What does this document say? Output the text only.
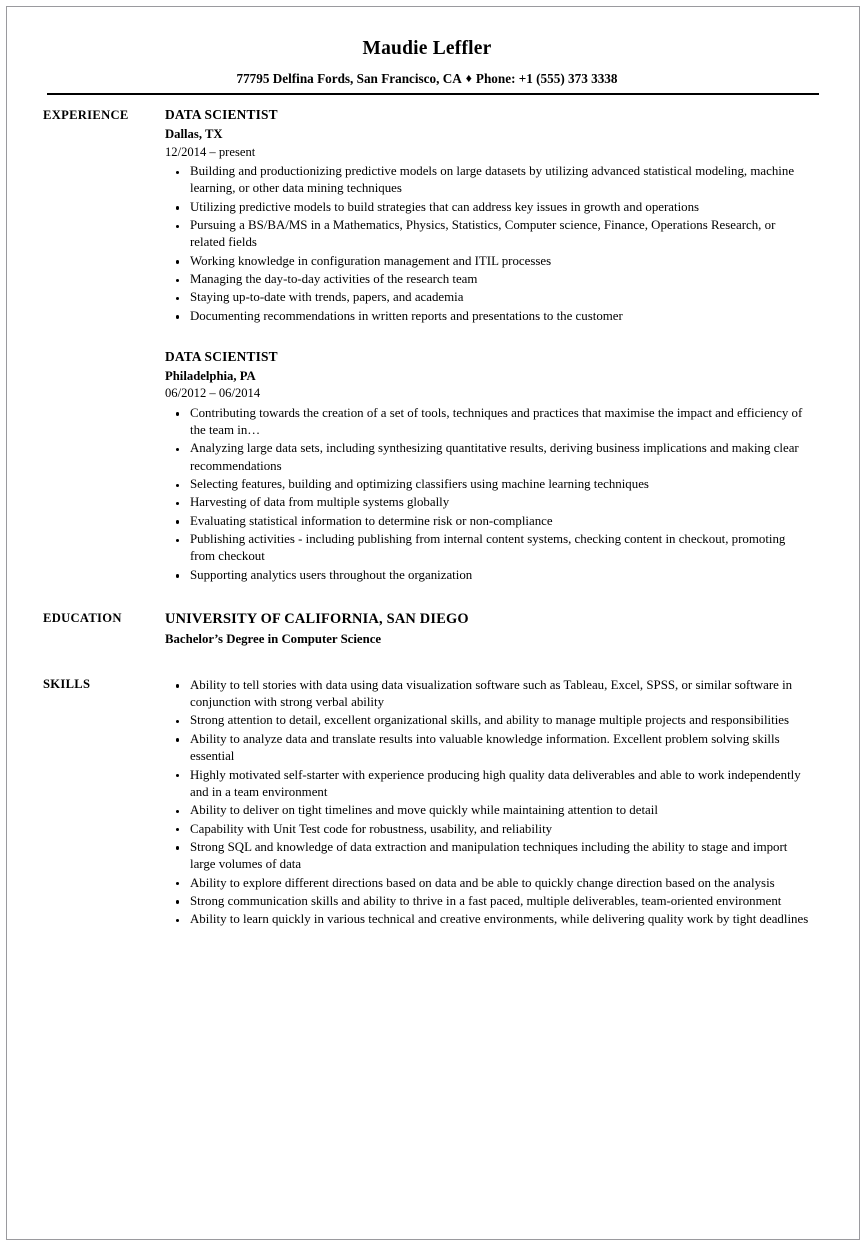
Maudie Leffler
77795 Delfina Fords, San Francisco, CA ♦ Phone: +1 (555) 373 3338
EXPERIENCE	DATA SCIENTIST
Dallas, TX
12/2014 – present
Building and productionizing predictive models on large datasets by utilizing advanced statistical modeling, machine learning, or other data mining techniques
Utilizing predictive models to build strategies that can address key issues in growth and operations
Pursuing a BS/BA/MS in a Mathematics, Physics, Statistics, Computer science, Finance, Operations Research, or related fields
Working knowledge in configuration management and ITIL processes
Managing the day-to-day activities of the research team
Staying up-to-date with trends, papers, and academia
Documenting recommendations in written reports and presentations to the customer
DATA SCIENTIST
Philadelphia, PA
06/2012 – 06/2014
Contributing towards the creation of a set of tools, techniques and practices that maximise the impact and efficiency of the team in…
Analyzing large data sets, including synthesizing quantitative results, deriving business implications and making clear recommendations
Selecting features, building and optimizing classifiers using machine learning techniques
Harvesting of data from multiple systems globally
Evaluating statistical information to determine risk or non-compliance
Publishing activities - including publishing from internal content systems, checking content in checkout, promoting from checkout
Supporting analytics users throughout the organization
EDUCATION	UNIVERSITY OF CALIFORNIA, SAN DIEGO
Bachelor’s Degree in Computer Science
SKILLS	Ability to tell stories with data using data visualization software such as Tableau, Excel, SPSS, or similar software in conjunction with strong verbal ability
Strong attention to detail, excellent organizational skills, and ability to manage multiple projects and responsibilities
Ability to analyze data and translate results into valuable knowledge information. Excellent problem solving skills essential
Highly motivated self-starter with experience producing high quality data deliverables and able to work independently and in a team environment
Ability to deliver on tight timelines and move quickly while maintaining attention to detail
Capability with Unit Test code for robustness, usability, and reliability
Strong SQL and knowledge of data extraction and manipulation techniques including the ability to stage and import large volumes of data
Ability to explore different directions based on data and be able to quickly change direction based on the analysis
Strong communication skills and ability to thrive in a fast paced, multiple deliverables, team-oriented environment
Ability to learn quickly in various technical and creative environments, while delivering quality work by tight deadlines
